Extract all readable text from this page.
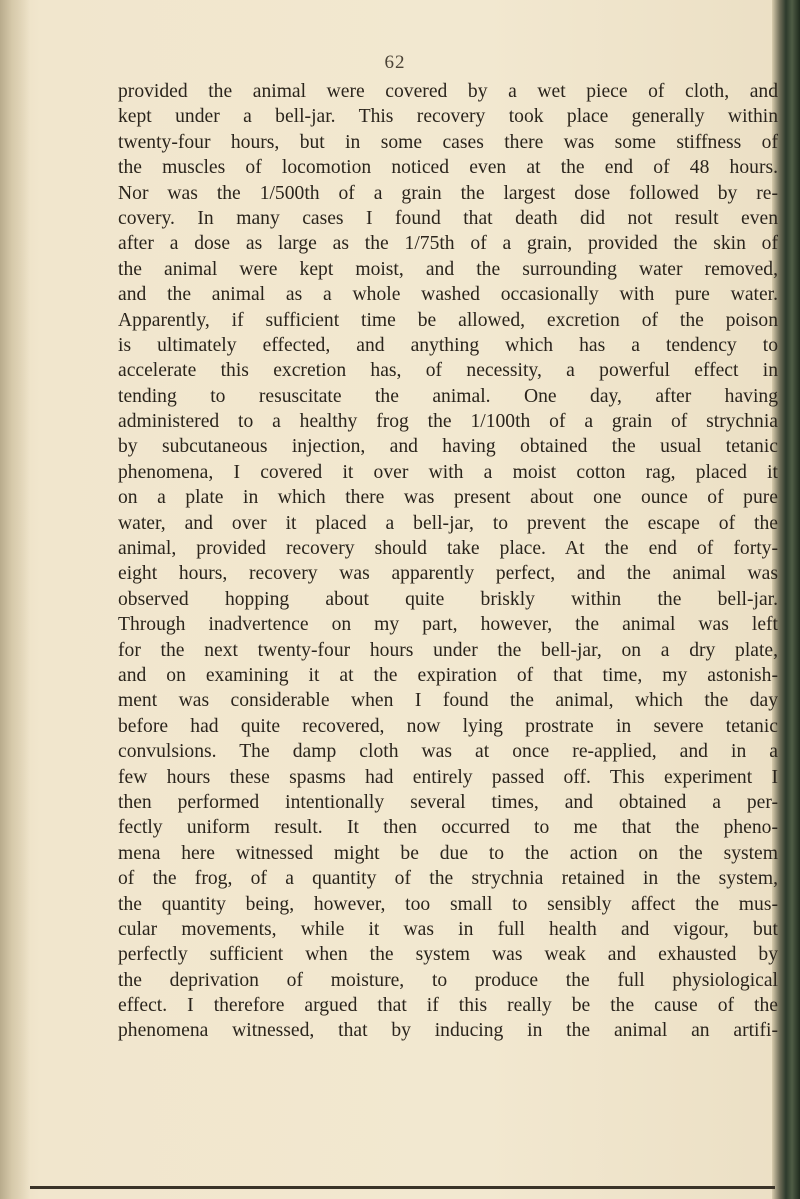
62
provided the animal were covered by a wet piece of cloth, and
kept under a bell-jar. This recovery took place generally within
twenty-four hours, but in some cases there was some stiffness of
the muscles of locomotion noticed even at the end of 48 hours.
Nor was the 1/500th of a grain the largest dose followed by re-
covery. In many cases I found that death did not result even
after a dose as large as the 1/75th of a grain, provided the skin of
the animal were kept moist, and the surrounding water removed,
and the animal as a whole washed occasionally with pure water.
Apparently, if sufficient time be allowed, excretion of the poison
is ultimately effected, and anything which has a tendency to
accelerate this excretion has, of necessity, a powerful effect in
tending to resuscitate the animal. One day, after having
administered to a healthy frog the 1/100th of a grain of strychnia
by subcutaneous injection, and having obtained the usual tetanic
phenomena, I covered it over with a moist cotton rag, placed it
on a plate in which there was present about one ounce of pure
water, and over it placed a bell-jar, to prevent the escape of the
animal, provided recovery should take place. At the end of forty-
eight hours, recovery was apparently perfect, and the animal was
observed hopping about quite briskly within the bell-jar.
Through inadvertence on my part, however, the animal was left
for the next twenty-four hours under the bell-jar, on a dry plate,
and on examining it at the expiration of that time, my astonish-
ment was considerable when I found the animal, which the day
before had quite recovered, now lying prostrate in severe tetanic
convulsions. The damp cloth was at once re-applied, and in a
few hours these spasms had entirely passed off. This experiment I
then performed intentionally several times, and obtained a per-
fectly uniform result. It then occurred to me that the pheno-
mena here witnessed might be due to the action on the system
of the frog, of a quantity of the strychnia retained in the system,
the quantity being, however, too small to sensibly affect the mus-
cular movements, while it was in full health and vigour, but
perfectly sufficient when the system was weak and exhausted by
the deprivation of moisture, to produce the full physiological
effect. I therefore argued that if this really be the cause of the
phenomena witnessed, that by inducing in the animal an artifi-
